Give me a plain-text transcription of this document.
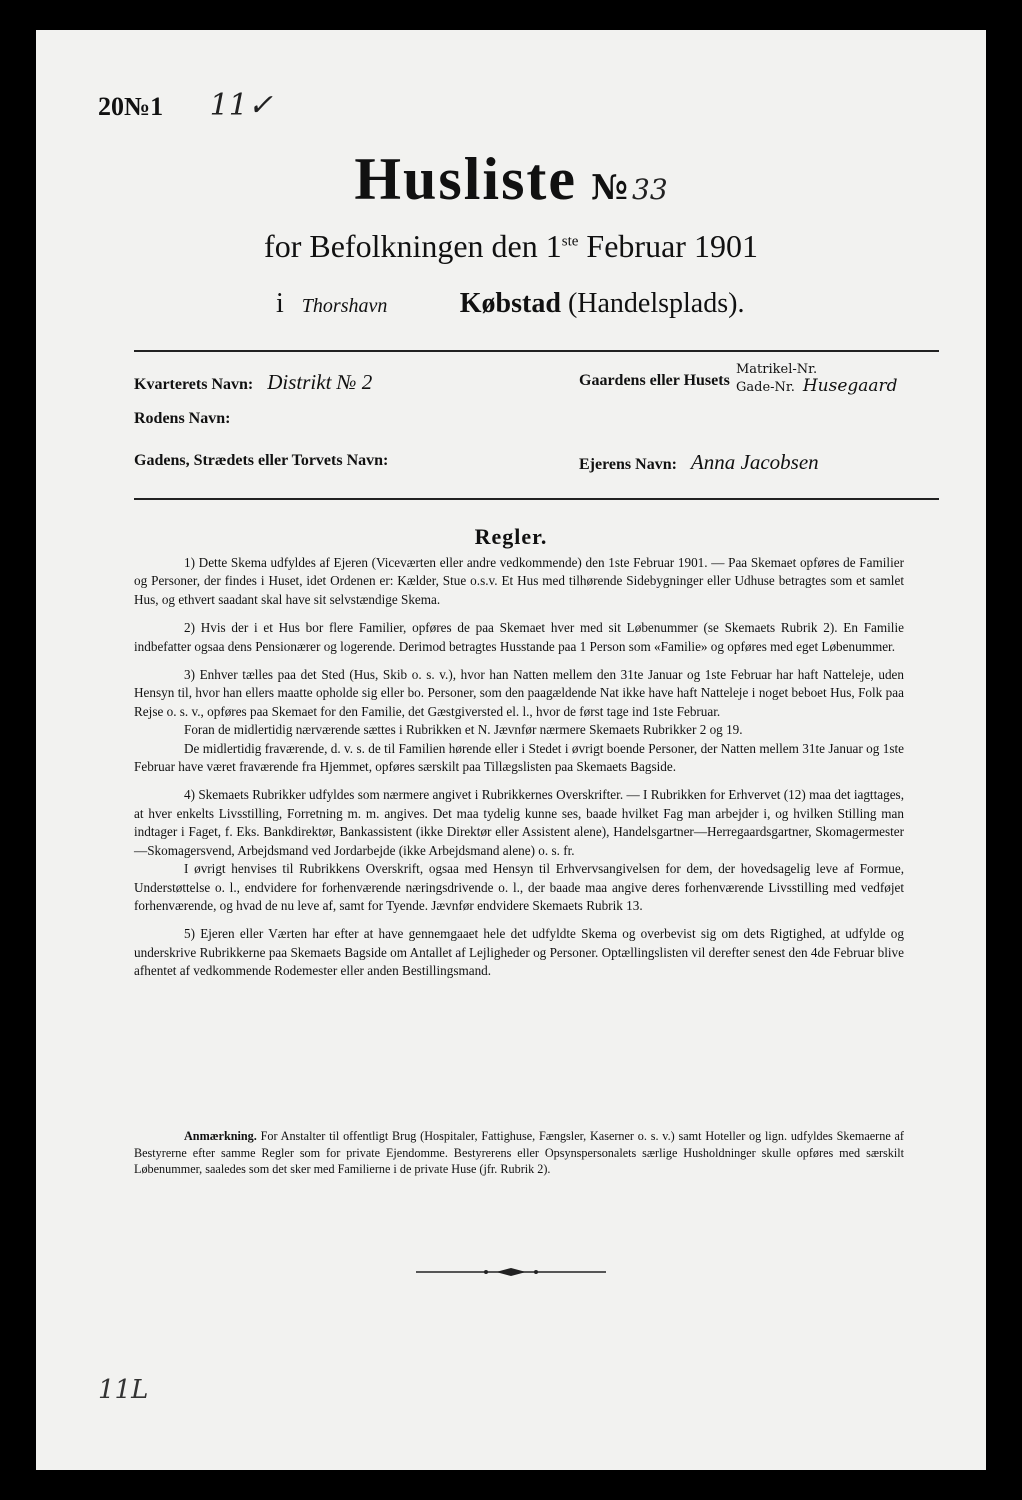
20№1 11✓
Husliste № 33
for Befolkningen den 1ste Februar 1901
i Thorshavn	Købstad (Handelsplads).
Kvarterets Navn: Distrikt № 2	Gaardens eller Husets
Matrikel-Nr.
Gade-Nr. Husegaard
Rodens Navn:
Gadens, Strædets eller Torvets Navn:	Ejerens Navn: Anna Jacobsen
Regler.

1) Dette Skema udfyldes af Ejeren (Viceværten eller andre vedkommende) den 1ste Februar 1901. — Paa Skemaet opføres de Familier og Personer, der findes i Huset, idet Ordenen er: Kælder, Stue o.s.v. Et Hus med tilhørende Sidebygninger eller Udhuse betragtes som et samlet Hus, og ethvert saadant skal have sit selvstændige Skema.

2) Hvis der i et Hus bor flere Familier, opføres de paa Skemaet hver med sit Løbenummer (se Skemaets Rubrik 2). En Familie indbefatter ogsaa dens Pensionærer og logerende. Derimod betragtes Husstande paa 1 Person som «Familie» og opføres med eget Løbenummer.

3) Enhver tælles paa det Sted (Hus, Skib o. s. v.), hvor han Natten mellem den 31te Januar og 1ste Februar har haft Natteleje, uden Hensyn til, hvor han ellers maatte opholde sig eller bo. Personer, som den paagældende Nat ikke have haft Natteleje i noget beboet Hus, Folk paa Rejse o. s. v., opføres paa Skemaet for den Familie, det Gæstgiversted el. l., hvor de først tage ind 1ste Februar.

Foran de midlertidig nærværende sættes i Rubrikken et N. Jævnfør nærmere Skemaets Rubrikker 2 og 19.

De midlertidig fraværende, d. v. s. de til Familien hørende eller i Stedet i øvrigt boende Personer, der Natten mellem 31te Januar og 1ste Februar have været fraværende fra Hjemmet, opføres særskilt paa Tillægslisten paa Skemaets Bagside.

4) Skemaets Rubrikker udfyldes som nærmere angivet i Rubrikkernes Overskrifter. — I Rubrikken for Erhvervet (12) maa det iagttages, at hver enkelts Livsstilling, Forretning m. m. angives. Det maa tydelig kunne ses, baade hvilket Fag man arbejder i, og hvilken Stilling man indtager i Faget, f. Eks. Bankdirektør, Bankassistent (ikke Direktør eller Assistent alene), Handelsgartner—Herregaardsgartner, Skomagermester—Skomagersvend, Arbejdsmand ved Jordarbejde (ikke Arbejdsmand alene) o. s. fr.

I øvrigt henvises til Rubrikkens Overskrift, ogsaa med Hensyn til Erhvervsangivelsen for dem, der hovedsagelig leve af Formue, Understøttelse o. l., endvidere for forhenværende næringsdrivende o. l., der baade maa angive deres forhenværende Livsstilling med vedføjet forhenværende, og hvad de nu leve af, samt for Tyende. Jævnfør endvidere Skemaets Rubrik 13.

5) Ejeren eller Værten har efter at have gennemgaaet hele det udfyldte Skema og overbevist sig om dets Rigtighed, at udfylde og underskrive Rubrikkerne paa Skemaets Bagside om Antallet af Lejligheder og Personer. Optællingslisten vil derefter senest den 4de Februar blive afhentet af vedkommende Rodemester eller anden Bestillingsmand.

Anmærkning. For Anstalter til offentligt Brug (Hospitaler, Fattighuse, Fængsler, Kaserner o. s. v.) samt Hoteller og lign. udfyldes Skemaerne af Bestyrerne efter samme Regler som for private Ejendomme. Bestyrerens eller Opsynspersonalets særlige Husholdninger skulle opføres med særskilt Løbenummer, saaledes som det sker med Familierne i de private Huse (jfr. Rubrik 2).
11L
